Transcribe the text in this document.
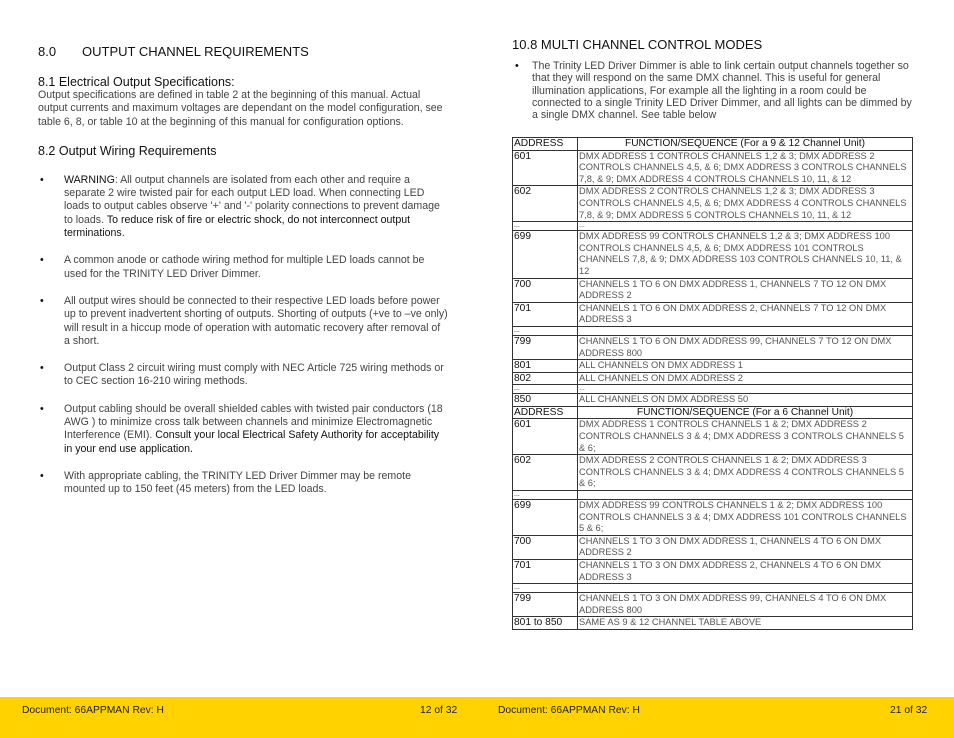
8.0 OUTPUT CHANNEL REQUIREMENTS
8.1 Electrical Output Specifications:

Output specifications are defined in table 2 at the beginning of this manual. Actual output currents and maximum voltages are dependant on the model configuration, see table 6, 8, or table 10 at the beginning of this manual for configuration options.

8.2 Output Wiring Requirements
• WARNING: All output channels are isolated from each other and require a separate 2 wire twisted pair for each output LED load. When connecting LED loads to output cables observe '+' and '-' polarity connections to prevent damage to loads. To reduce risk of fire or electric shock, do not interconnect output terminations.
• A common anode or cathode wiring method for multiple LED loads cannot be used for the TRINITY LED Driver Dimmer.
• All output wires should be connected to their respective LED loads before power up to prevent inadvertent shorting of outputs. Shorting of outputs (+ve to –ve only) will result in a hiccup mode of operation with automatic recovery after removal of a short.
• Output Class 2 circuit wiring must comply with NEC Article 725 wiring methods or to CEC section 16-210 wiring methods.
• Output cabling should be overall shielded cables with twisted pair conductors (18 AWG ) to minimize cross talk between channels and minimize Electromagnetic Interference (EMI). Consult your local Electrical Safety Authority for acceptability in your end use application.
• With appropriate cabling, the TRINITY LED Driver Dimmer may be remote mounted up to 150 feet (45 meters) from the LED loads.
10.8 MULTI CHANNEL CONTROL MODES
• The Trinity LED Driver Dimmer is able to link certain output channels together so that they will respond on the same DMX channel. This is useful for general illumination applications, For example all the lighting in a room could be connected to a single Trinity LED Driver Dimmer, and all lights can be dimmed by a single DMX channel. See table below
ADDRESS	FUNCTION/SEQUENCE (For a 9 & 12 Channel Unit)
601	DMX ADDRESS 1 CONTROLS CHANNELS 1,2 & 3; DMX ADDRESS 2 CONTROLS CHANNELS 4,5, & 6; DMX ADDRESS 3 CONTROLS CHANNELS 7,8, & 9; DMX ADDRESS 4 CONTROLS CHANNELS 10, 11, & 12
602	DMX ADDRESS 2 CONTROLS CHANNELS 1,2 & 3; DMX ADDRESS 3 CONTROLS CHANNELS 4,5, & 6; DMX ADDRESS 4 CONTROLS CHANNELS 7,8, & 9; DMX ADDRESS 5 CONTROLS CHANNELS 10, 11, & 12
...	...
699	DMX ADDRESS 99 CONTROLS CHANNELS 1,2 & 3; DMX ADDRESS 100 CONTROLS CHANNELS 4,5, & 6; DMX ADDRESS 101 CONTROLS CHANNELS 7,8, & 9; DMX ADDRESS 103 CONTROLS CHANNELS 10, 11, & 12
700	CHANNELS 1 TO 6 ON DMX ADDRESS 1, CHANNELS 7 TO 12 ON DMX ADDRESS 2
701	CHANNELS 1 TO 6 ON DMX ADDRESS 2, CHANNELS 7 TO 12 ON DMX ADDRESS 3
...	
799	CHANNELS 1 TO 6 ON DMX ADDRESS 99, CHANNELS 7 TO 12 ON DMX ADDRESS 800
801	ALL CHANNELS ON DMX ADDRESS 1
802	ALL CHANNELS ON DMX ADDRESS 2
...	...
850	ALL CHANNELS ON DMX ADDRESS 50
ADDRESS	FUNCTION/SEQUENCE (For a 6 Channel Unit)
601	DMX ADDRESS 1 CONTROLS CHANNELS 1 & 2; DMX ADDRESS 2 CONTROLS CHANNELS 3 & 4; DMX ADDRESS 3 CONTROLS CHANNELS 5 & 6;
602	DMX ADDRESS 2 CONTROLS CHANNELS 1 & 2; DMX ADDRESS 3 CONTROLS CHANNELS 3 & 4; DMX ADDRESS 4 CONTROLS CHANNELS 5 & 6;
...	
699	DMX ADDRESS 99 CONTROLS CHANNELS 1 & 2; DMX ADDRESS 100 CONTROLS CHANNELS 3 & 4; DMX ADDRESS 101 CONTROLS CHANNELS 5 & 6;
700	CHANNELS 1 TO 3 ON DMX ADDRESS 1, CHANNELS 4 TO 6 ON DMX ADDRESS 2
701	CHANNELS 1 TO 3 ON DMX ADDRESS 2, CHANNELS 4 TO 6 ON DMX ADDRESS 3
...	
799	CHANNELS 1 TO 3 ON DMX ADDRESS 99, CHANNELS 4 TO 6 ON DMX ADDRESS 800
801 to 850	SAME AS 9 & 12 CHANNEL TABLE ABOVE
Document: 66APPMAN Rev: H	12 of 32	Document: 66APPMAN Rev: H	21 of 32
